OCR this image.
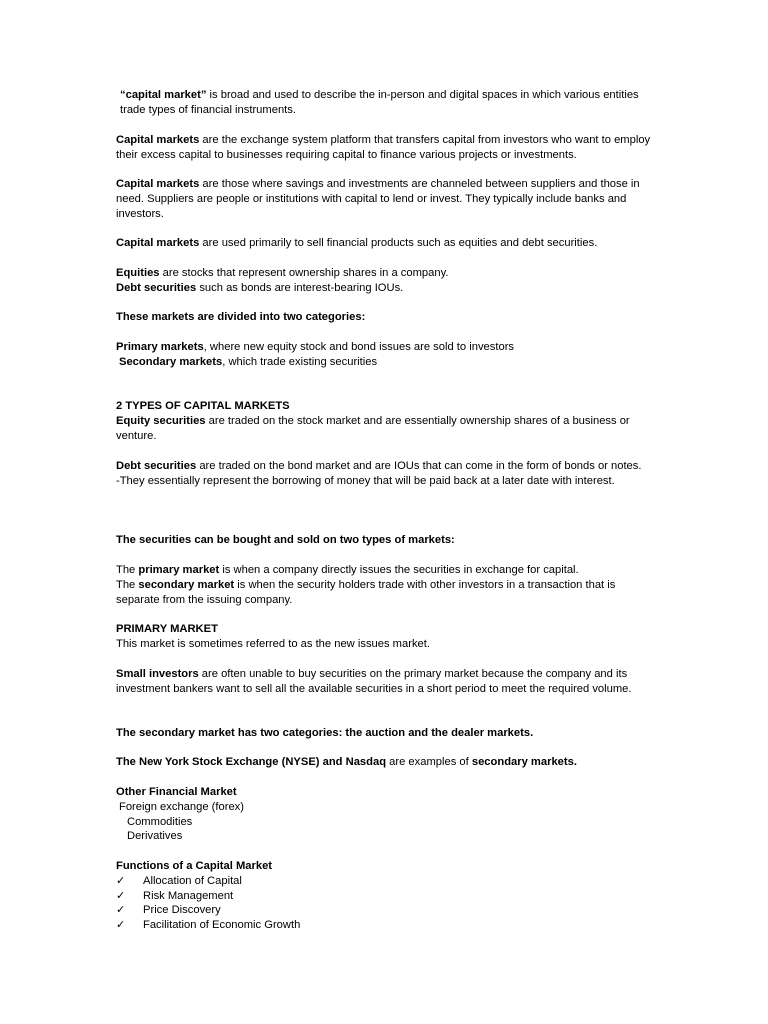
“capital market” is broad and used to describe the in-person and digital spaces in which various entities trade types of financial instruments.

Capital markets are the exchange system platform that transfers capital from investors who want to employ their excess capital to businesses requiring capital to finance various projects or investments.

Capital markets are those where savings and investments are channeled between suppliers and those in need. Suppliers are people or institutions with capital to lend or invest. They typically include banks and investors.

Capital markets are used primarily to sell financial products such as equities and debt securities.

Equities are stocks that represent ownership shares in a company.

Debt securities such as bonds are interest-bearing IOUs.

These markets are divided into two categories:

Primary markets, where new equity stock and bond issues are sold to investors

Secondary markets, which trade existing securities

2 TYPES OF CAPITAL MARKETS

Equity securities are traded on the stock market and are essentially ownership shares of a business or venture.

Debt securities are traded on the bond market and are IOUs that can come in the form of bonds or notes.

-They essentially represent the borrowing of money that will be paid back at a later date with interest.

The securities can be bought and sold on two types of markets:

The primary market is when a company directly issues the securities in exchange for capital.

The secondary market is when the security holders trade with other investors in a transaction that is separate from the issuing company.

PRIMARY MARKET

This market is sometimes referred to as the new issues market.

Small investors are often unable to buy securities on the primary market because the company and its investment bankers want to sell all the available securities in a short period to meet the required volume.

The secondary market has two categories: the auction and the dealer markets.

The New York Stock Exchange (NYSE) and Nasdaq are examples of secondary markets.

Other Financial Market

Foreign exchange (forex)

Commodities

Derivatives

Functions of a Capital Market

✓	Allocation of Capital
✓	Risk Management
✓	Price Discovery
✓	Facilitation of Economic Growth
